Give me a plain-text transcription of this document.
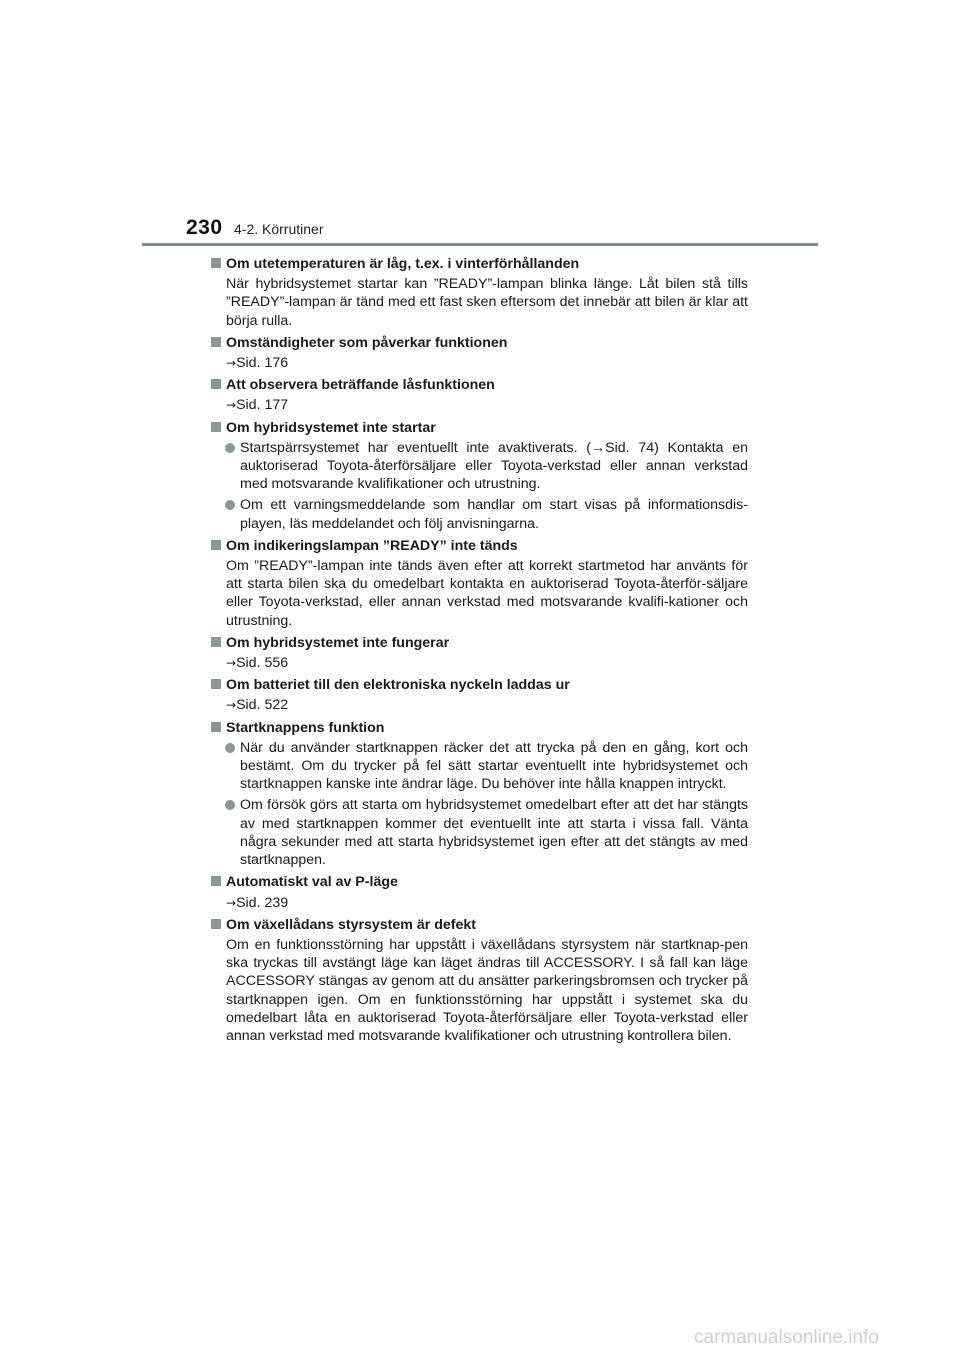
230 4-2. Körrutiner
Om utetemperaturen är låg, t.ex. i vinterförhållanden
När hybridsystemet startar kan ”READY”-lampan blinka länge. Låt bilen stå tills ”READY”-lampan är tänd med ett fast sken eftersom det innebär att bilen är klar att börja rulla.
Omständigheter som påverkar funktionen
→Sid. 176
Att observera beträffande låsfunktionen
→Sid. 177
Om hybridsystemet inte startar
Startspärrsystemet har eventuellt inte avaktiverats. (→Sid. 74) Kontakta en auktoriserad Toyota-återförsäljare eller Toyota-verkstad eller annan verkstad med motsvarande kvalifikationer och utrustning.
Om ett varningsmeddelande som handlar om start visas på informationsdis-playen, läs meddelandet och följ anvisningarna.
Om indikeringslampan ”READY” inte tänds
Om ”READY”-lampan inte tänds även efter att korrekt startmetod har använts för att starta bilen ska du omedelbart kontakta en auktoriserad Toyota-återför-säljare eller Toyota-verkstad, eller annan verkstad med motsvarande kvalifi-kationer och utrustning.
Om hybridsystemet inte fungerar
→Sid. 556
Om batteriet till den elektroniska nyckeln laddas ur
→Sid. 522
Startknappens funktion
När du använder startknappen räcker det att trycka på den en gång, kort och bestämt. Om du trycker på fel sätt startar eventuellt inte hybridsystemet och startknappen kanske inte ändrar läge. Du behöver inte hålla knappen intryckt.
Om försök görs att starta om hybridsystemet omedelbart efter att det har stängts av med startknappen kommer det eventuellt inte att starta i vissa fall. Vänta några sekunder med att starta hybridsystemet igen efter att det stängts av med startknappen.
Automatiskt val av P-läge
→Sid. 239
Om växellådans styrsystem är defekt
Om en funktionsstörning har uppstått i växellådans styrsystem när startknap-pen ska tryckas till avstängt läge kan läget ändras till ACCESSORY. I så fall kan läge ACCESSORY stängas av genom att du ansätter parkeringsbromsen och trycker på startknappen igen. Om en funktionsstörning har uppstått i systemet ska du omedelbart låta en auktoriserad Toyota-återförsäljare eller Toyota-verkstad eller annan verkstad med motsvarande kvalifikationer och utrustning kontrollera bilen.
carmanualsonline.info
